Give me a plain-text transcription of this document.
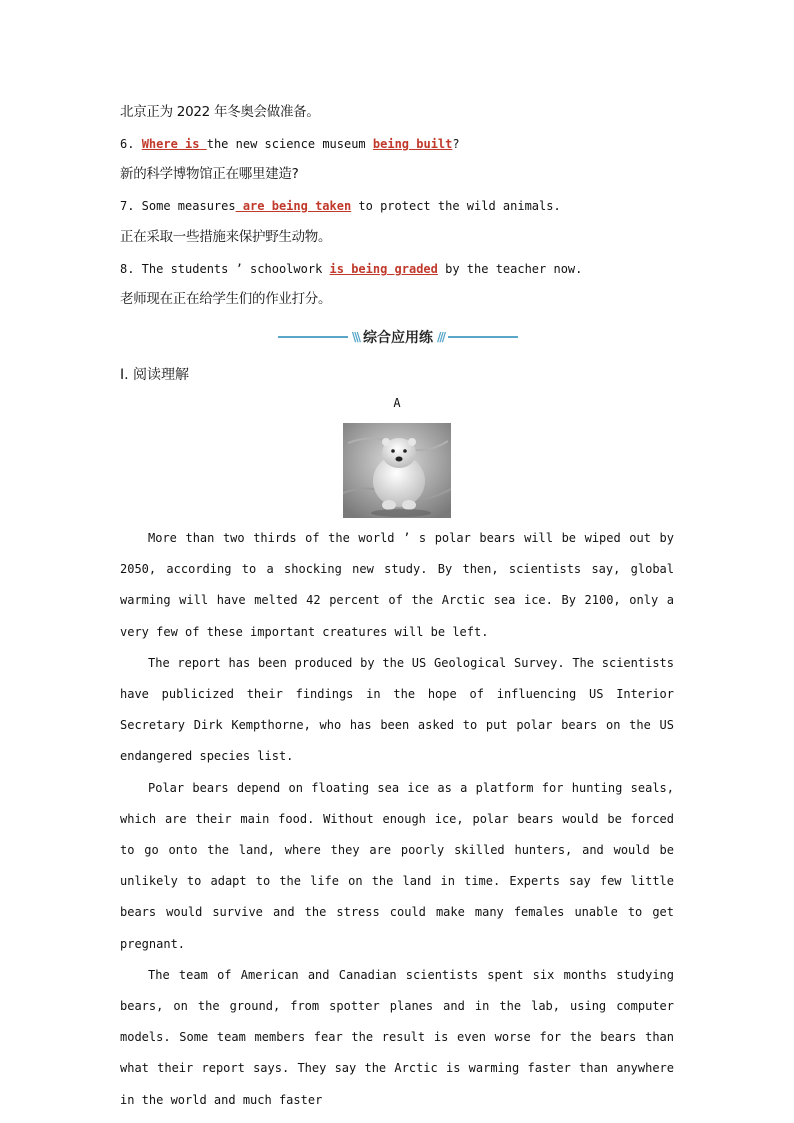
北京正为 2022 年冬奥会做准备。
6. Where is the new science museum being built?
新的科学博物馆正在哪里建造?
7. Some measures are being taken to protect the wild animals.
正在采取一些措施来保护野生动物。
8. The students ’ schoolwork is being graded by the teacher now.
老师现在正在给学生们的作业打分。
\\\ 综合应用练 ///
Ⅰ. 阅读理解
A

More than two thirds of the world ’ s polar bears will be wiped out by 2050, according to a shocking new study. By then, scientists say, global warming will have melted 42 percent of the Arctic sea ice. By 2100, only a very few of these important creatures will be left.

The report has been produced by the US Geological Survey. The scientists have publicized their findings in the hope of influencing US Interior Secretary Dirk Kempthorne, who has been asked to put polar bears on the US endangered species list.

Polar bears depend on floating sea ice as a platform for hunting seals, which are their main food. Without enough ice, polar bears would be forced to go onto the land, where they are poorly skilled hunters, and would be unlikely to adapt to the life on the land in time. Experts say few little bears would survive and the stress could make many females unable to get pregnant.

The team of American and Canadian scientists spent six months studying bears, on the ground, from spotter planes and in the lab, using computer models. Some team members fear the result is even worse for the bears than what their report says. They say the Arctic is warming faster than anywhere in the world and much faster
